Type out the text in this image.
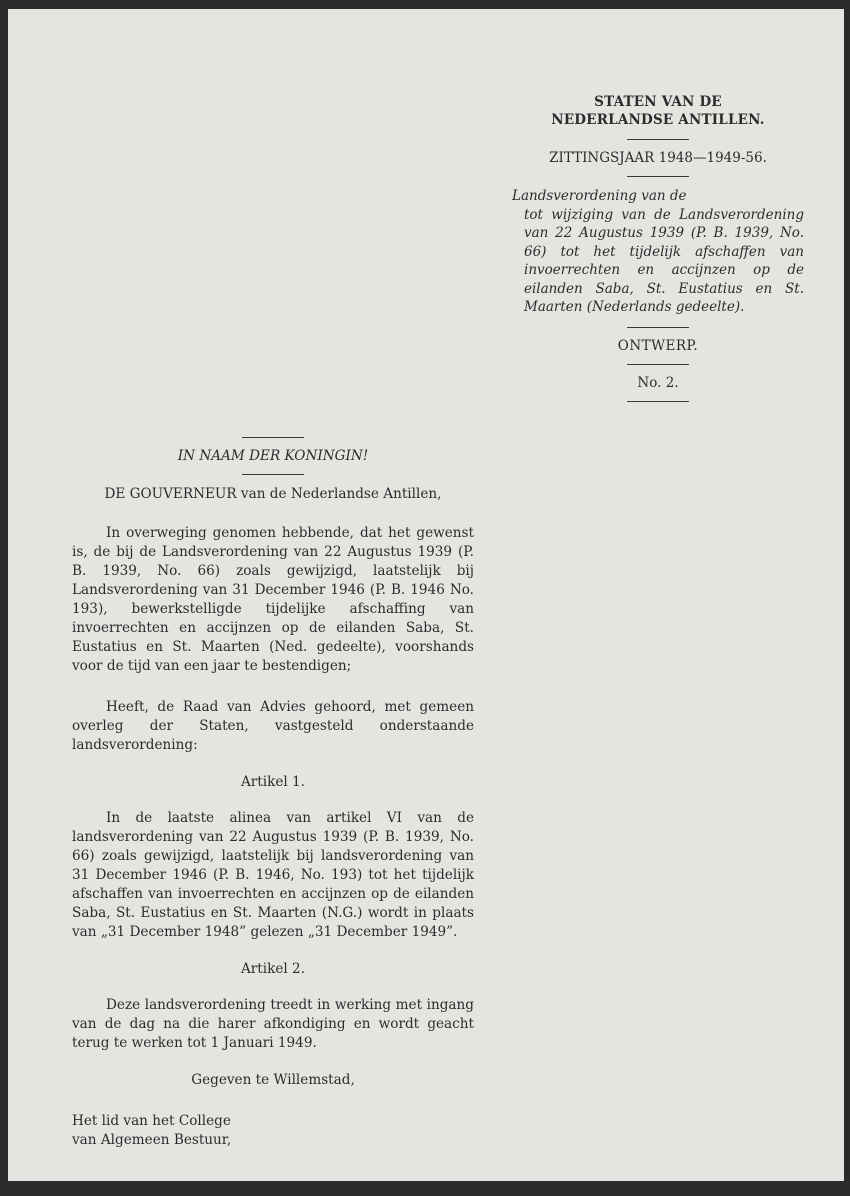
STATEN VAN DE
NEDERLANDSE ANTILLEN.
ZITTINGSJAAR 1948—1949-56.
Landsverordening van de
tot wijziging van de Landsverordening van 22 Augustus 1939 (P. B. 1939, No. 66) tot het tijdelijk afschaffen van invoerrechten en accijnzen op de eilanden Saba, St. Eustatius en St. Maarten (Nederlands gedeelte).
ONTWERP.
No. 2.
IN NAAM DER KONINGIN!
DE GOUVERNEUR van de Nederlandse Antillen,

In overweging genomen hebbende, dat het gewenst is, de bij de Landsverordening van 22 Augustus 1939 (P. B. 1939, No. 66) zoals gewijzigd, laatstelijk bij Landsverordening van 31 December 1946 (P. B. 1946 No. 193), bewerkstelligde tijdelijke afschaffing van invoerrechten en accijnzen op de eilanden Saba, St. Eustatius en St. Maarten (Ned. gedeelte), voorshands voor de tijd van een jaar te bestendigen;

Heeft, de Raad van Advies gehoord, met gemeen overleg der Staten, vastgesteld onderstaande landsverordening:

Artikel 1.

In de laatste alinea van artikel VI van de landsverordening van 22 Augustus 1939 (P. B. 1939, No. 66) zoals gewijzigd, laatstelijk bij landsverordening van 31 December 1946 (P. B. 1946, No. 193) tot het tijdelijk afschaffen van invoerrechten en accijnzen op de eilanden Saba, St. Eustatius en St. Maarten (N.G.) wordt in plaats van „31 December 1948” gelezen „31 December 1949”.

Artikel 2.

Deze landsverordening treedt in werking met ingang van de dag na die harer afkondiging en wordt geacht terug te werken tot 1 Januari 1949.

Gegeven te Willemstad,

Het lid van het College

van Algemeen Bestuur,
